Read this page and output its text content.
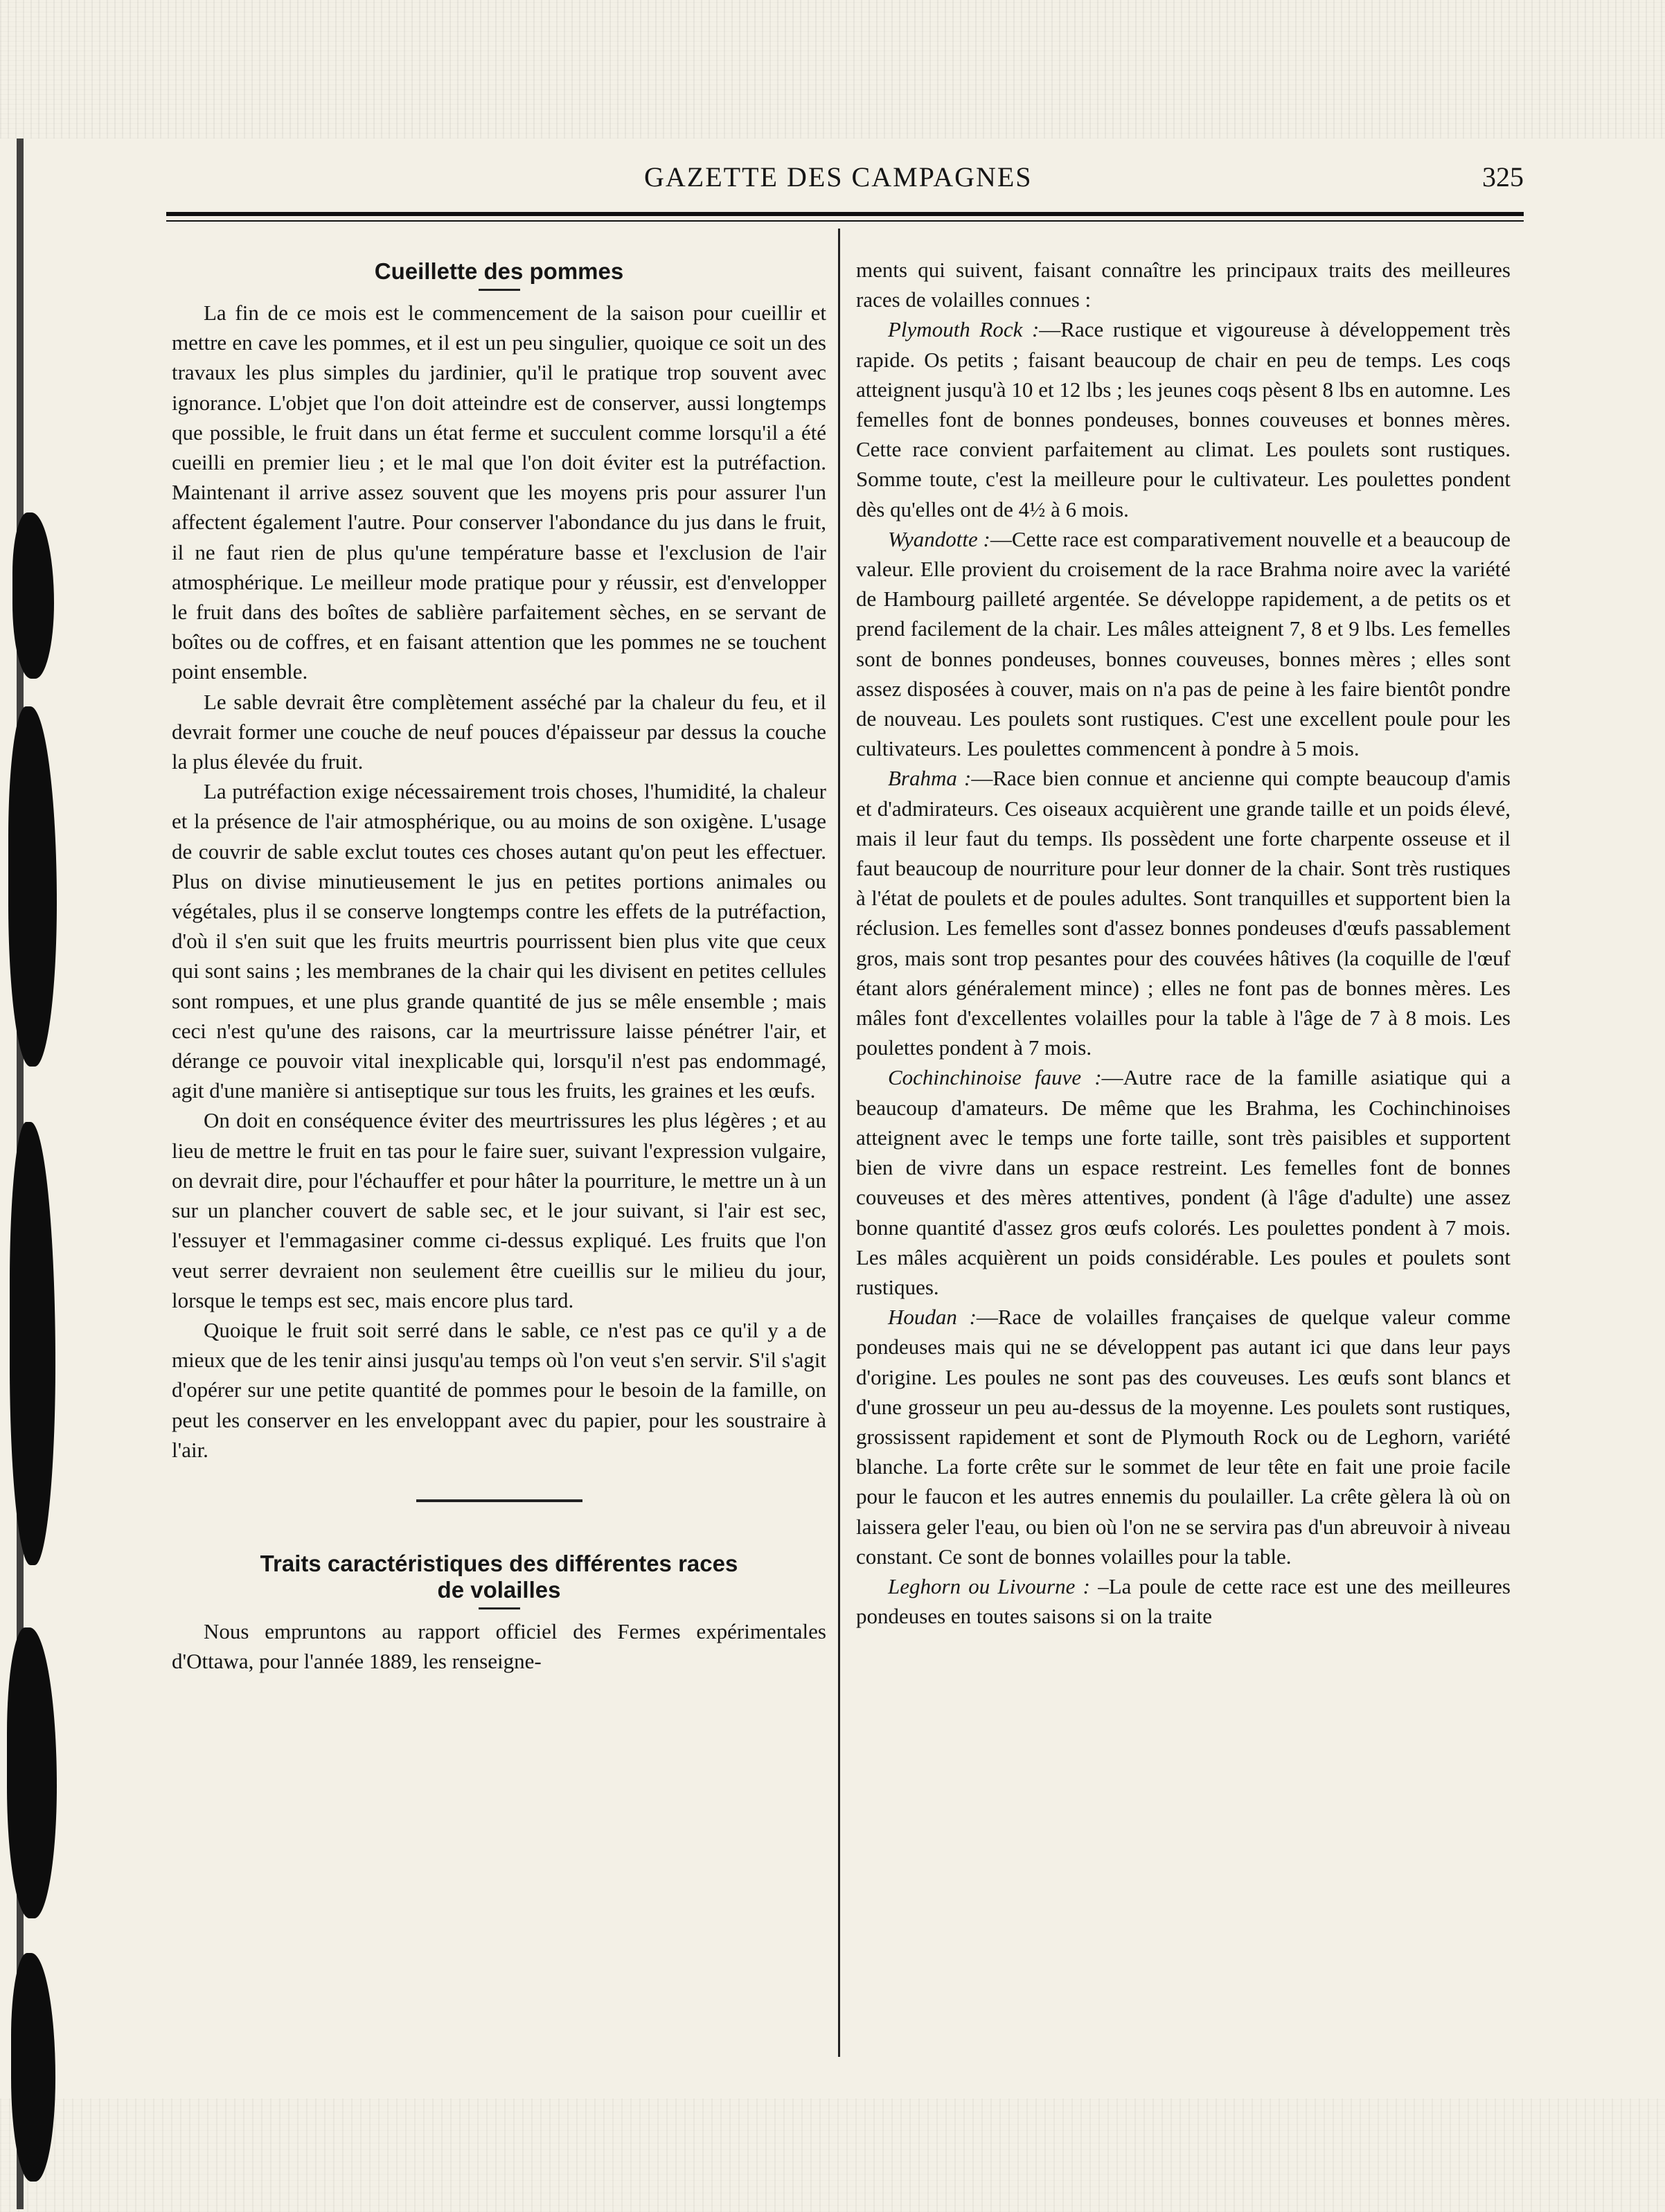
GAZETTE DES CAMPAGNES	325
Cueillette des pommes

La fin de ce mois est le commencement de la saison pour cueillir et mettre en cave les pommes, et il est un peu singulier, quoique ce soit un des travaux les plus simples du jardinier, qu'il le pratique trop souvent avec ignorance. L'objet que l'on doit atteindre est de conserver, aussi longtemps que possible, le fruit dans un état ferme et succulent comme lorsqu'il a été cueilli en premier lieu ; et le mal que l'on doit éviter est la putréfaction. Maintenant il arrive assez souvent que les moyens pris pour assurer l'un affectent également l'autre. Pour conserver l'abondance du jus dans le fruit, il ne faut rien de plus qu'une température basse et l'exclusion de l'air atmosphérique. Le meilleur mode pratique pour y réussir, est d'envelopper le fruit dans des boîtes de sablière parfaitement sèches, en se servant de boîtes ou de coffres, et en faisant attention que les pommes ne se touchent point ensemble.

Le sable devrait être complètement asséché par la chaleur du feu, et il devrait former une couche de neuf pouces d'épaisseur par dessus la couche la plus élevée du fruit.

La putréfaction exige nécessairement trois choses, l'humidité, la chaleur et la présence de l'air atmosphérique, ou au moins de son oxigène. L'usage de couvrir de sable exclut toutes ces choses autant qu'on peut les effectuer. Plus on divise minutieusement le jus en petites portions animales ou végétales, plus il se conserve longtemps contre les effets de la putréfaction, d'où il s'en suit que les fruits meurtris pourrissent bien plus vite que ceux qui sont sains ; les membranes de la chair qui les divisent en petites cellules sont rompues, et une plus grande quantité de jus se mêle ensemble ; mais ceci n'est qu'une des raisons, car la meurtrissure laisse pénétrer l'air, et dérange ce pouvoir vital inexplicable qui, lorsqu'il n'est pas endommagé, agit d'une manière si antiseptique sur tous les fruits, les graines et les œufs.

On doit en conséquence éviter des meurtrissures les plus légères ; et au lieu de mettre le fruit en tas pour le faire suer, suivant l'expression vulgaire, on devrait dire, pour l'échauffer et pour hâter la pourriture, le mettre un à un sur un plancher couvert de sable sec, et le jour suivant, si l'air est sec, l'essuyer et l'emmagasiner comme ci-dessus expliqué. Les fruits que l'on veut serrer devraient non seulement être cueillis sur le milieu du jour, lorsque le temps est sec, mais encore plus tard.

Quoique le fruit soit serré dans le sable, ce n'est pas ce qu'il y a de mieux que de les tenir ainsi jusqu'au temps où l'on veut s'en servir. S'il s'agit d'opérer sur une petite quantité de pommes pour le besoin de la famille, on peut les conserver en les enveloppant avec du papier, pour les soustraire à l'air.

Traits caractéristiques des différentes races
de volailles

Nous empruntons au rapport officiel des Fermes expérimentales d'Ottawa, pour l'année 1889, les renseigne-

ments qui suivent, faisant connaître les principaux traits des meilleures races de volailles connues :

Plymouth Rock :—Race rustique et vigoureuse à développement très rapide. Os petits ; faisant beaucoup de chair en peu de temps. Les coqs atteignent jusqu'à 10 et 12 lbs ; les jeunes coqs pèsent 8 lbs en automne. Les femelles font de bonnes pondeuses, bonnes couveuses et bonnes mères. Cette race convient parfaitement au climat. Les poulets sont rustiques. Somme toute, c'est la meilleure pour le cultivateur. Les poulettes pondent dès qu'elles ont de 4½ à 6 mois.

Wyandotte :—Cette race est comparativement nouvelle et a beaucoup de valeur. Elle provient du croisement de la race Brahma noire avec la variété de Hambourg pailleté argentée. Se développe rapidement, a de petits os et prend facilement de la chair. Les mâles atteignent 7, 8 et 9 lbs. Les femelles sont de bonnes pondeuses, bonnes couveuses, bonnes mères ; elles sont assez disposées à couver, mais on n'a pas de peine à les faire bientôt pondre de nouveau. Les poulets sont rustiques. C'est une excellent poule pour les cultivateurs. Les poulettes commencent à pondre à 5 mois.

Brahma :—Race bien connue et ancienne qui compte beaucoup d'amis et d'admirateurs. Ces oiseaux acquièrent une grande taille et un poids élevé, mais il leur faut du temps. Ils possèdent une forte charpente osseuse et il faut beaucoup de nourriture pour leur donner de la chair. Sont très rustiques à l'état de poulets et de poules adultes. Sont tranquilles et supportent bien la réclusion. Les femelles sont d'assez bonnes pondeuses d'œufs passablement gros, mais sont trop pesantes pour des couvées hâtives (la coquille de l'œuf étant alors généralement mince) ; elles ne font pas de bonnes mères. Les mâles font d'excellentes volailles pour la table à l'âge de 7 à 8 mois. Les poulettes pondent à 7 mois.

Cochinchinoise fauve :—Autre race de la famille asiatique qui a beaucoup d'amateurs. De même que les Brahma, les Cochinchinoises atteignent avec le temps une forte taille, sont très paisibles et supportent bien de vivre dans un espace restreint. Les femelles font de bonnes couveuses et des mères attentives, pondent (à l'âge d'adulte) une assez bonne quantité d'assez gros œufs colorés. Les poulettes pondent à 7 mois. Les mâles acquièrent un poids considérable. Les poules et poulets sont rustiques.

Houdan :—Race de volailles françaises de quelque valeur comme pondeuses mais qui ne se développent pas autant ici que dans leur pays d'origine. Les poules ne sont pas des couveuses. Les œufs sont blancs et d'une grosseur un peu au-dessus de la moyenne. Les poulets sont rustiques, grossissent rapidement et sont de Plymouth Rock ou de Leghorn, variété blanche. La forte crête sur le sommet de leur tête en fait une proie facile pour le faucon et les autres ennemis du poulailler. La crête gèlera là où on laissera geler l'eau, ou bien où l'on ne se servira pas d'un abreuvoir à niveau constant. Ce sont de bonnes volailles pour la table.

Leghorn ou Livourne : –La poule de cette race est une des meilleures pondeuses en toutes saisons si on la traite
